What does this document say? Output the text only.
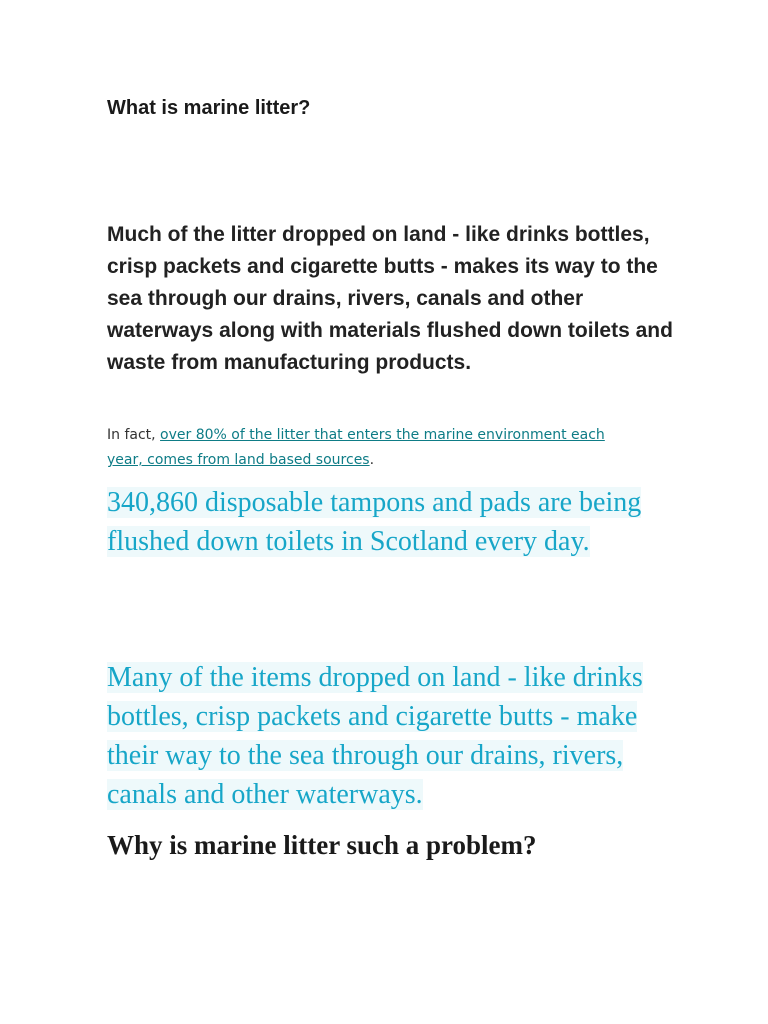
What is marine litter?

Much of the litter dropped on land - like drinks bottles, crisp packets and cigarette butts - makes its way to the sea through our drains, rivers, canals and other waterways along with materials flushed down toilets and waste from manufacturing products.

In fact, over 80% of the litter that enters the marine environment each
year, comes from land based sources.

340,860 disposable tampons and pads are being flushed down toilets in Scotland every day.

Many of the items dropped on land - like drinks bottles, crisp packets and cigarette butts - make their way to the sea through our drains, rivers, canals and other waterways.

Why is marine litter such a problem?
